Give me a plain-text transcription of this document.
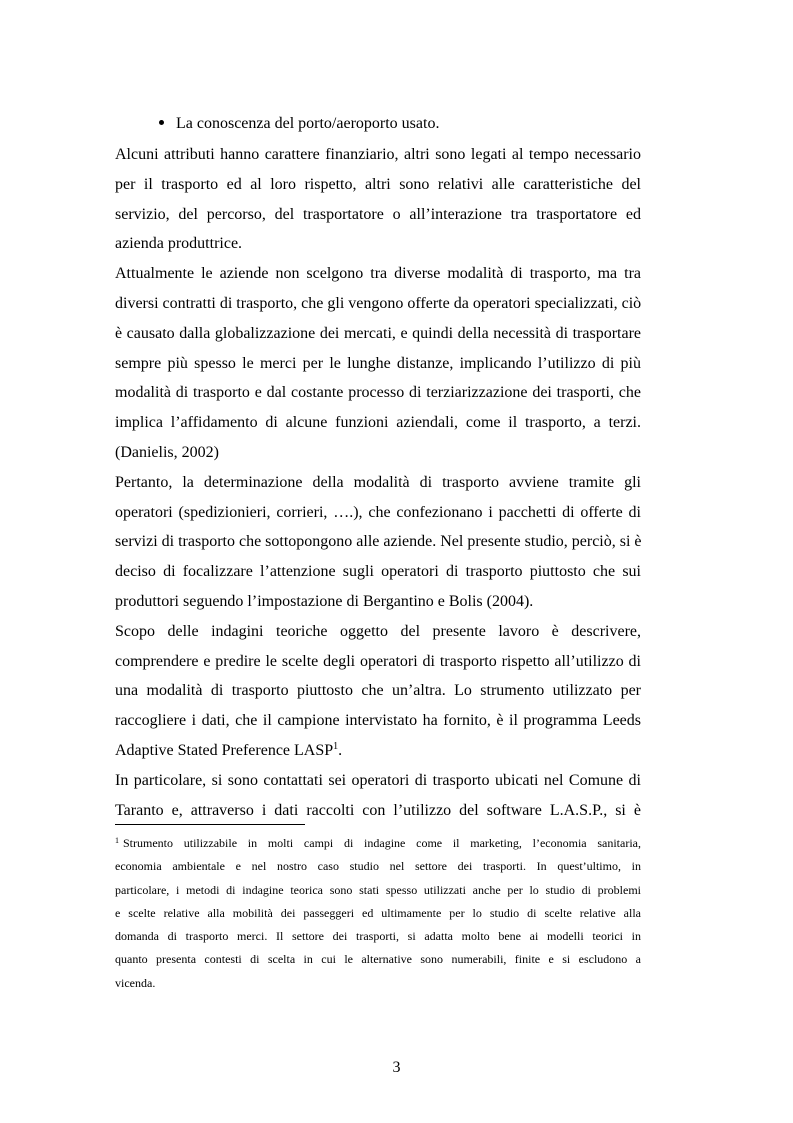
La conoscenza del porto/aeroporto usato.
Alcuni attributi hanno carattere finanziario, altri sono legati al tempo necessario
per il trasporto ed al loro rispetto, altri sono relativi alle caratteristiche del
servizio, del percorso, del trasportatore o all’interazione tra trasportatore ed
azienda produttrice.
Attualmente le aziende non scelgono tra diverse modalità di trasporto, ma tra
diversi contratti di trasporto, che gli vengono offerte da operatori specializzati, ciò
è causato dalla globalizzazione dei mercati, e quindi della necessità di trasportare
sempre più spesso le merci per le lunghe distanze, implicando l’utilizzo di più
modalità di trasporto e dal costante processo di terziarizzazione dei trasporti, che
implica l’affidamento di alcune funzioni aziendali, come il trasporto, a terzi.
(Danielis, 2002)
Pertanto, la determinazione della modalità di trasporto avviene tramite gli
operatori (spedizionieri, corrieri, ….), che confezionano i pacchetti di offerte di
servizi di trasporto che sottopongono alle aziende. Nel presente studio, perciò, si è
deciso di focalizzare l’attenzione sugli operatori di trasporto piuttosto che sui
produttori seguendo l’impostazione di Bergantino e Bolis (2004).
Scopo delle indagini teoriche oggetto del presente lavoro è descrivere,
comprendere e predire le scelte degli operatori di trasporto rispetto all’utilizzo di
una modalità di trasporto piuttosto che un’altra. Lo strumento utilizzato per
raccogliere i dati, che il campione intervistato ha fornito, è il programma Leeds
Adaptive Stated Preference LASP$^1$.
In particolare, si sono contattati sei operatori di trasporto ubicati nel Comune di
Taranto e, attraverso i dati raccolti con l’utilizzo del software L.A.S.P., si è
$^1$ Strumento utilizzabile in molti campi di indagine come il marketing, l’economia sanitaria,
economia ambientale e nel nostro caso studio nel settore dei trasporti. In quest’ultimo, in
particolare, i metodi di indagine teorica sono stati spesso utilizzati anche per lo studio di problemi
e scelte relative alla mobilità dei passeggeri ed ultimamente per lo studio di scelte relative alla
domanda di trasporto merci. Il settore dei trasporti, si adatta molto bene ai modelli teorici in
quanto presenta contesti di scelta in cui le alternative sono numerabili, finite e si escludono a
vicenda.
3
